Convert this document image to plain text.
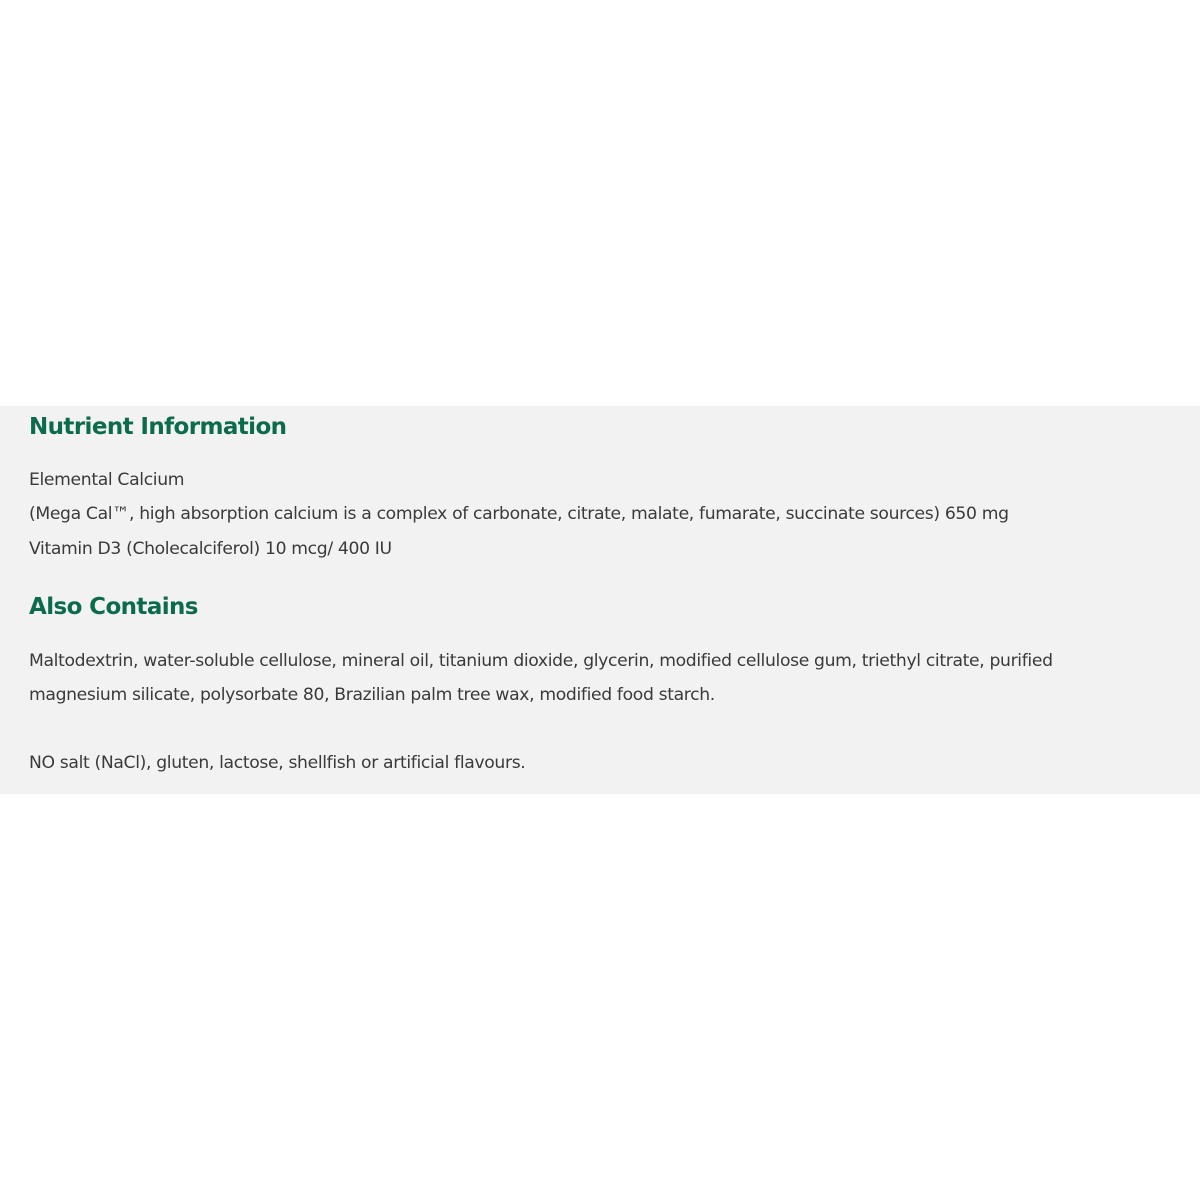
Nutrient Information

Elemental Calcium

(Mega Cal™, high absorption calcium is a complex of carbonate, citrate, malate, fumarate, succinate sources) 650 mg

Vitamin D3 (Cholecalciferol) 10 mcg/ 400 IU

Also Contains

Maltodextrin, water-soluble cellulose, mineral oil, titanium dioxide, glycerin, modified cellulose gum, triethyl citrate, purified

magnesium silicate, polysorbate 80, Brazilian palm tree wax, modified food starch.

NO salt (NaCl), gluten, lactose, shellfish or artificial flavours.
